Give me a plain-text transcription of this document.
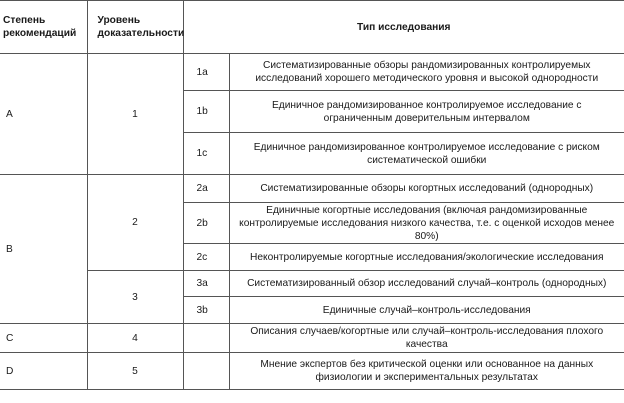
Степень рекомендаций	Уровень доказательности	Тип исследования	
A	1	1a	Систематизированные обзоры рандомизированных контролируемых исследований хорошего методического уровня и высокой однородности
		1b	Единичное рандомизированное контролируемое исследование с ограниченным доверительным интервалом
		1c	Единичное рандомизированное контролируемое исследование с риском систематической ошибки
B	2	2a	Систематизированные обзоры когортных исследований (однородных)
		2b	Единичные когортные исследования (включая рандомизированные контролируемые исследования низкого качества, т.е. с оценкой исходов менее 80%)
		2c	Неконтролируемые когортные исследования/экологические исследования
	3	3a	Систематизированный обзор исследований случай–контроль (однородных)
		3b	Единичные случай–контроль-исследования
C	4		Описания случаев/когортные или случай–контроль-исследования плохого качества
D	5		Мнение экспертов без критической оценки или основанное на данных физиологии и экспериментальных результатах
